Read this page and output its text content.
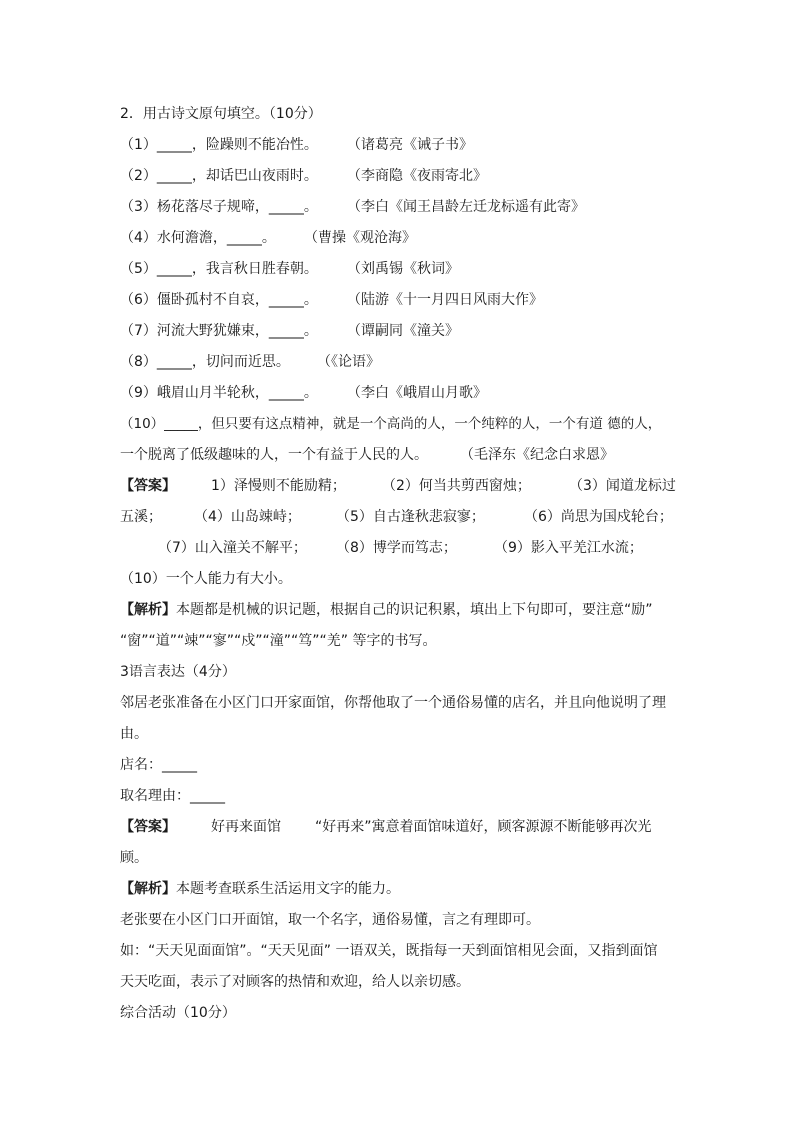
2．用古诗文原句填空。（10分）
（1）_____，险躁则不能冶性。 （诸葛亮《诫子书》
（2）_____，却话巴山夜雨时。 （李商隐《夜雨寄北》
（3）杨花落尽子规啼，_____。 （李白《闻王昌龄左迁龙标遥有此寄》
（4）水何澹澹，_____。 （曹操《观沧海》
（5）_____，我言秋日胜春朝。 （刘禹锡《秋词》
（6）僵卧孤村不自哀，_____。 （陆游《十一月四日风雨大作》
（7）河流大野犹嫌束，_____。 （谭嗣同《潼关》
（8）_____，切问而近思。 （《论语》
（9）峨眉山月半轮秋，_____。 （李白《峨眉山月歌》
（10）_____，但只要有这点精神，就是一个高尚的人，一个纯粹的人，一个有道 德的人，
一个脱离了低级趣味的人，一个有益于人民的人。 （毛泽东《纪念白求恩》
【答案】	1）泽慢则不能励精；	（2）何当共剪西窗烛；	（3）闻道龙标过
五溪； （4）山岛竦峙；	（5）自古逢秋悲寂寥；	（6）尚思为国戍轮台；
（7）山入潼关不解平； （8）博学而笃志；	（9）影入平羌江水流；
（10）一个人能力有大小。
【解析】 本题都是机械的识记题，根据自己的识记积累，填出上下句即可，要注意“励”
“窗”“道”“竦”“寥”“戍”“潼”“笃”“羌” 等字的书写。
3语言表达（4分）
邻居老张准备在小区门口开家面馆，你帮他取了一个通俗易懂的店名，并且向他说明了理
由。
店名：_____
取名理由：_____
【答案】	好再来面馆 “好再来”寓意着面馆味道好，顾客源源不断能够再次光
顾。
【解析】 本题考查联系生活运用文字的能力。
老张要在小区门口开面馆，取一个名字，通俗易懂，言之有理即可。
如：“天天见面面馆”。“天天见面” 一语双关，既指每一天到面馆相见会面，又指到面馆
天天吃面，表示了对顾客的热情和欢迎，给人以亲切感。
综合活动（10分）
